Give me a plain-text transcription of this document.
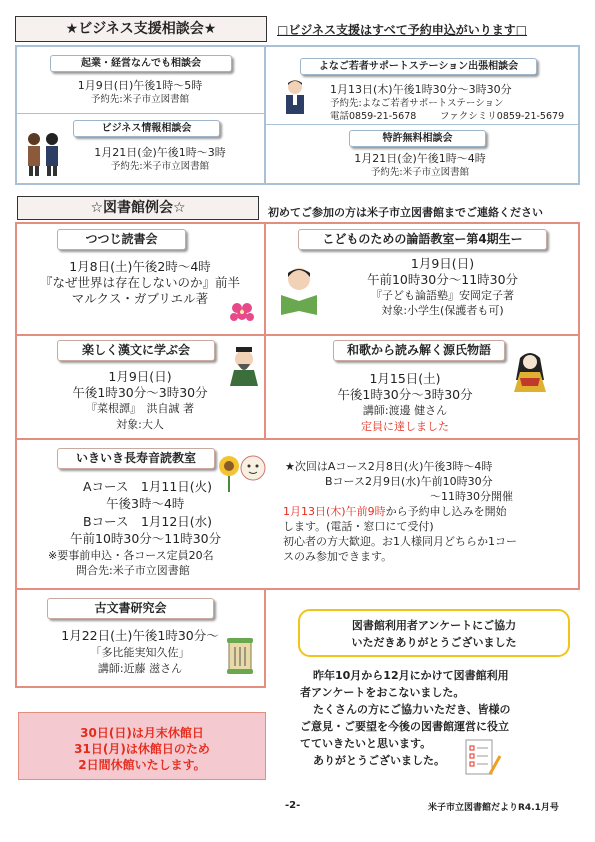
★ビジネス支援相談会★	□ビジネス支援はすべて予約申込がいります□
起業・経営なんでも相談会
1月9日(日)午後1時～5時
予約先:米子市立図書館
ビジネス情報相談会
1月21日(金)午後1時～3時
予約先:米子市立図書館
よなご若者サポートステーション出張相談会
1月13日(木)午後1時30分～3時30分
予約先:よなご若者サポートステーション
電話0859-21-5678 ファクシミリ0859-21-5679
特許無料相談会
1月21日(金)午後1時～4時
予約先:米子市立図書館
☆図書館例会☆	初めてご参加の方は米子市立図書館までご連絡ください
つつじ読書会
1月8日(土)午後2時～4時
『なぜ世界は存在しないのか』前半
マルクス・ガブリエル著
こどものための論語教室ー第4期生ー
1月9日(日)
午前10時30分～11時30分
『子ども論語塾』安岡定子著
対象:小学生(保護者も可)
楽しく漢文に学ぶ会
1月9日(日)
午後1時30分～3時30分
『菜根譚』　洪自誠 著
対象:大人
和歌から読み解く源氏物語
1月15日(土)
午後1時30分～3時30分
講師:渡邊 健さん
定員に達しました
いきいき長寿音読教室
Aコース　1月11日(火)
午後3時～4時
Bコース　1月12日(水)
午前10時30分～11時30分
※要事前申込・各コース定員20名
問合先:米子市立図書館
★次回はAコース2月8日(火)午後3時～4時
Bコース2月9日(水)午前10時30分
～11時30分開催
1月13日(木)午前9時から予約申し込みを開始
します。(電話・窓口にて受付)
初心者の方大歓迎。お1人様同月どちらか1コー
スのみ参加できます。
古文書研究会
1月22日(土)午後1時30分～
「多比能実知久佐」
講師:近藤 滋さん
図書館利用者アンケートにご協力
いただきありがとうございました
昨年10月から12月にかけて図書館利用
者アンケートをおこないました。
たくさんの方にご協力いただき、皆様の
ご意見・ご要望を今後の図書館運営に役立
てていきたいと思います。
ありがとうございました。
30日(日)は月末休館日
31日(月)は休館日のため
2日間休館いたします。
-2-	米子市立図書館だよりR4.1月号
